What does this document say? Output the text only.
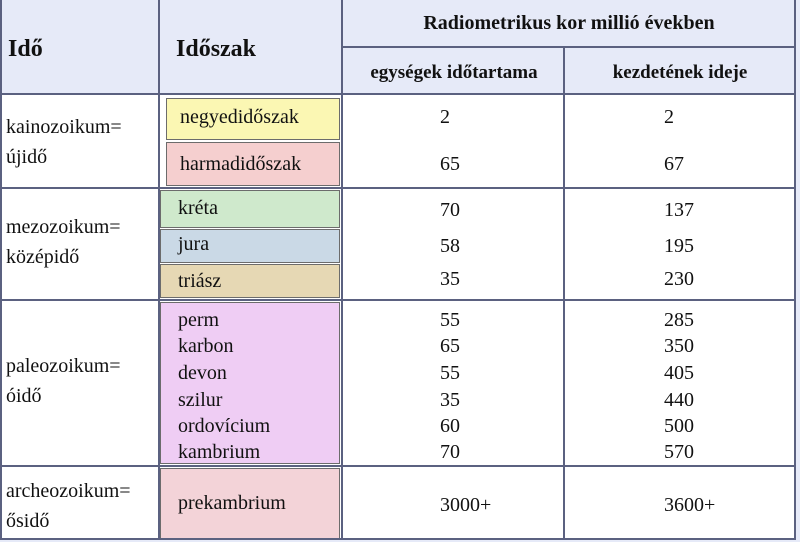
Idő	Időszak
Radiometrikus kor millió években
egységek időtartama	kezdetének ideje
kainozoikum=
újidő
mezozoikum=
középidő
paleozoikum=
óidő
archeozoikum=
ősidő
negyedidőszak
harmadidőszak
kréta
jura
triász
perm
karbon
devon
szilur
ordovícium
kambrium
prekambrium
2
65
70
58
35
55
65
55
35
60
70
3000+
2
67
137
195
230
285
350
405
440
500
570
3600+
